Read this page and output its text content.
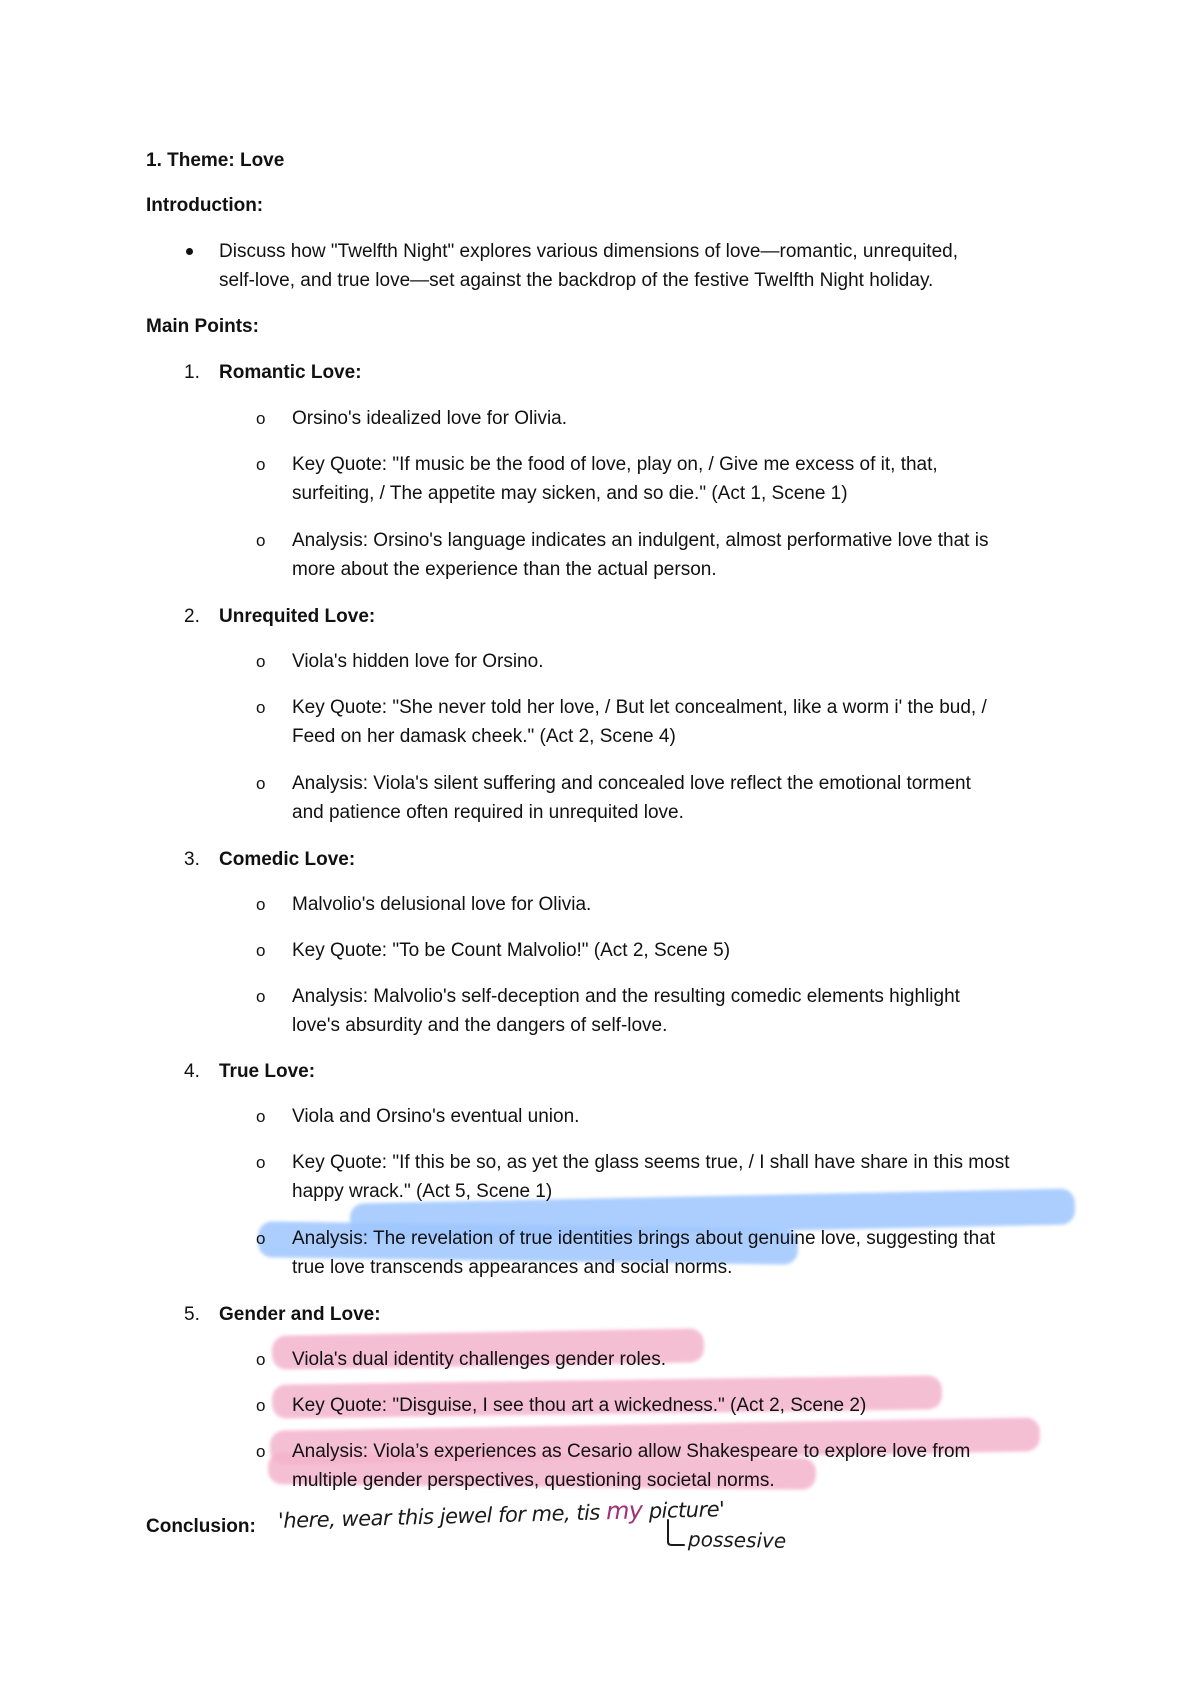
1. Theme: Love
Introduction:
Discuss how "Twelfth Night" explores various dimensions of love—romantic, unrequited,
self-love, and true love—set against the backdrop of the festive Twelfth Night holiday.
Main Points:
1. Romantic Love:
o Orsino's idealized love for Olivia.
o Key Quote: "If music be the food of love, play on, / Give me excess of it, that,
surfeiting, / The appetite may sicken, and so die." (Act 1, Scene 1)
o Analysis: Orsino's language indicates an indulgent, almost performative love that is
more about the experience than the actual person.
2. Unrequited Love:
o Viola's hidden love for Orsino.
o Key Quote: "She never told her love, / But let concealment, like a worm i' the bud, /
Feed on her damask cheek." (Act 2, Scene 4)
o Analysis: Viola's silent suffering and concealed love reflect the emotional torment
and patience often required in unrequited love.
3. Comedic Love:
o Malvolio's delusional love for Olivia.
o Key Quote: "To be Count Malvolio!" (Act 2, Scene 5)
o Analysis: Malvolio's self-deception and the resulting comedic elements highlight
love's absurdity and the dangers of self-love.
4. True Love:
o Viola and Orsino's eventual union.
o Key Quote: "If this be so, as yet the glass seems true, / I shall have share in this most
happy wrack." (Act 5, Scene 1)
o Analysis: The revelation of true identities brings about genuine love, suggesting that
true love transcends appearances and social norms.
5. Gender and Love:
o Viola's dual identity challenges gender roles.
o Key Quote: "Disguise, I see thou art a wickedness." (Act 2, Scene 2)
o Analysis: Viola’s experiences as Cesario allow Shakespeare to explore love from
multiple gender perspectives, questioning societal norms.
Conclusion: 'here, wear this jewel for me, tis my picture'
possesive
